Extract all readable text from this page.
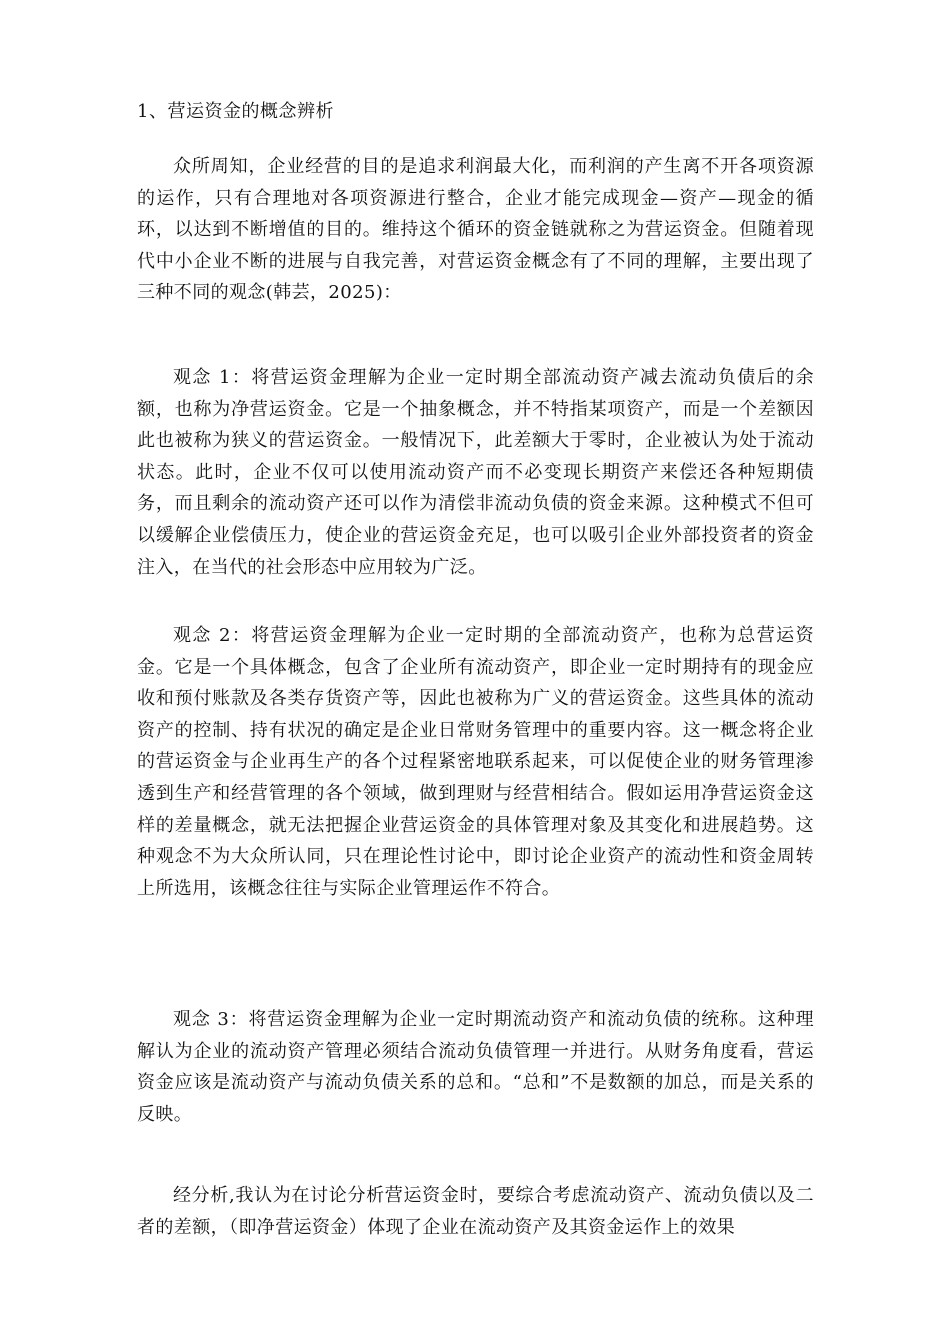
1、营运资金的概念辨析

众所周知，企业经营的目的是追求利润最大化，而利润的产生离不开各项资源的运作，只有合理地对各项资源进行整合，企业才能完成现金—资产—现金的循环，以达到不断增值的目的。维持这个循环的资金链就称之为营运资金。但随着现代中小企业不断的进展与自我完善，对营运资金概念有了不同的理解，主要出现了三种不同的观念(韩芸，2025)：

观念 1：将营运资金理解为企业一定时期全部流动资产减去流动负债后的余额，也称为净营运资金。它是一个抽象概念，并不特指某项资产，而是一个差额因此也被称为狭义的营运资金。一般情况下，此差额大于零时，企业被认为处于流动状态。此时，企业不仅可以使用流动资产而不必变现长期资产来偿还各种短期债务，而且剩余的流动资产还可以作为清偿非流动负债的资金来源。这种模式不但可以缓解企业偿债压力，使企业的营运资金充足，也可以吸引企业外部投资者的资金注入，在当代的社会形态中应用较为广泛。

观念 2：将营运资金理解为企业一定时期的全部流动资产，也称为总营运资金。它是一个具体概念，包含了企业所有流动资产，即企业一定时期持有的现金应收和预付账款及各类存货资产等，因此也被称为广义的营运资金。这些具体的流动资产的控制、持有状况的确定是企业日常财务管理中的重要内容。这一概念将企业的营运资金与企业再生产的各个过程紧密地联系起来，可以促使企业的财务管理渗透到生产和经营管理的各个领域，做到理财与经营相结合。假如运用净营运资金这样的差量概念，就无法把握企业营运资金的具体管理对象及其变化和进展趋势。这种观念不为大众所认同，只在理论性讨论中，即讨论企业资产的流动性和资金周转上所选用，该概念往往与实际企业管理运作不符合。

观念 3：将营运资金理解为企业一定时期流动资产和流动负债的统称。这种理解认为企业的流动资产管理必须结合流动负债管理一并进行。从财务角度看，营运资金应该是流动资产与流动负债关系的总和。“总和”不是数额的加总，而是关系的反映。

经分析,我认为在讨论分析营运资金时，要综合考虑流动资产、流动负债以及二者的差额，（即净营运资金）体现了企业在流动资产及其资金运作上的效果
